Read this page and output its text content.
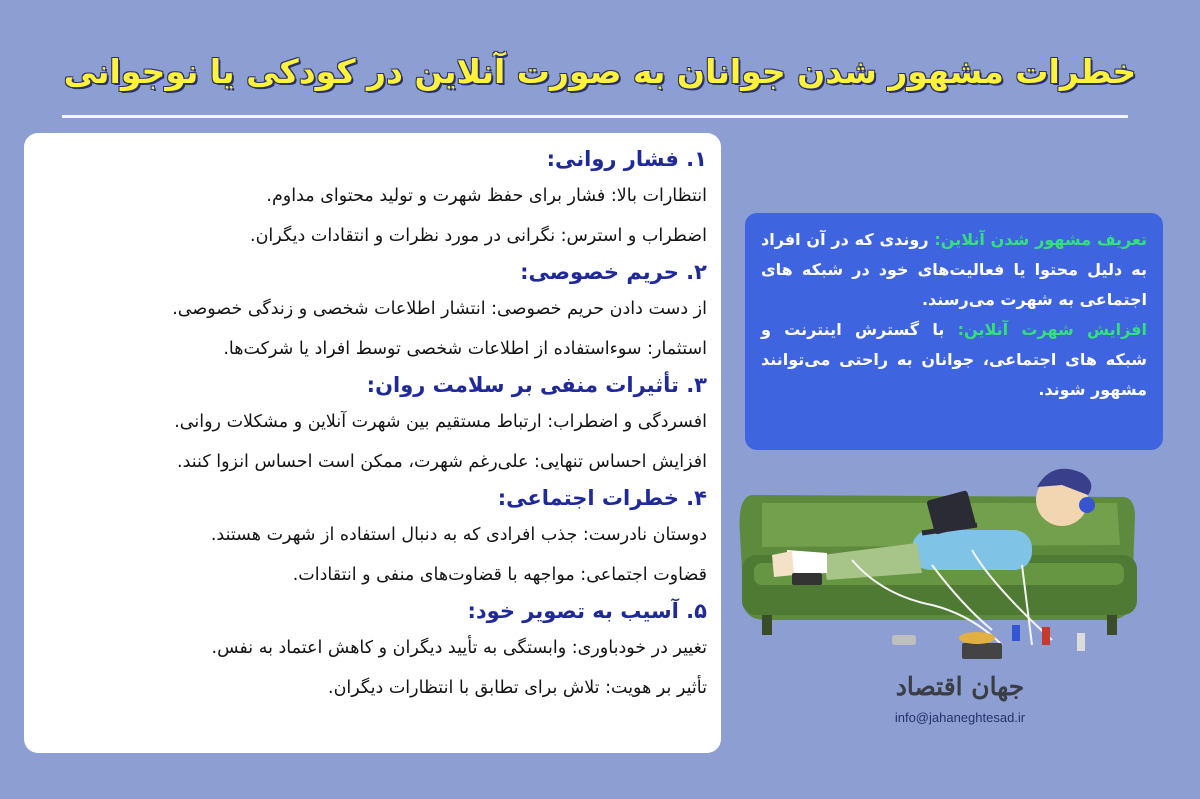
خطرات مشهور شدن جوانان به صورت آنلاین در کودکی یا نوجوانی
۱. فشار روانی:
انتظارات بالا: فشار برای حفظ شهرت و تولید محتوای مداوم.
اضطراب و استرس: نگرانی در مورد نظرات و انتقادات دیگران.
۲. حریم خصوصی:
از دست دادن حریم خصوصی: انتشار اطلاعات شخصی و زندگی خصوصی.
استثمار: سوءاستفاده از اطلاعات شخصی توسط افراد یا شرکت‌ها.
۳. تأثیرات منفی بر سلامت روان:
افسردگی و اضطراب: ارتباط مستقیم بین شهرت آنلاین و مشکلات روانی.
افزایش احساس تنهایی: علی‌رغم شهرت، ممکن است احساس انزوا کنند.
۴. خطرات اجتماعی:
دوستان نادرست: جذب افرادی که به دنبال استفاده از شهرت هستند.
قضاوت اجتماعی: مواجهه با قضاوت‌های منفی و انتقادات.
۵. آسیب به تصویر خود:
تغییر در خودباوری: وابستگی به تأیید دیگران و کاهش اعتماد به نفس.
تأثیر بر هویت: تلاش برای تطابق با انتظارات دیگران.
تعریف مشهور شدن آنلاین: روندی که در آن افراد به دلیل محتوا یا فعالیت‌های خود در شبکه های اجتماعی به شهرت می‌رسند.
افزایش شهرت آنلاین: با گسترش اینترنت و شبکه های اجتماعی، جوانان به راحتی می‌توانند مشهور شوند.
جهان اقتصاد
info@jahaneghtesad.ir
